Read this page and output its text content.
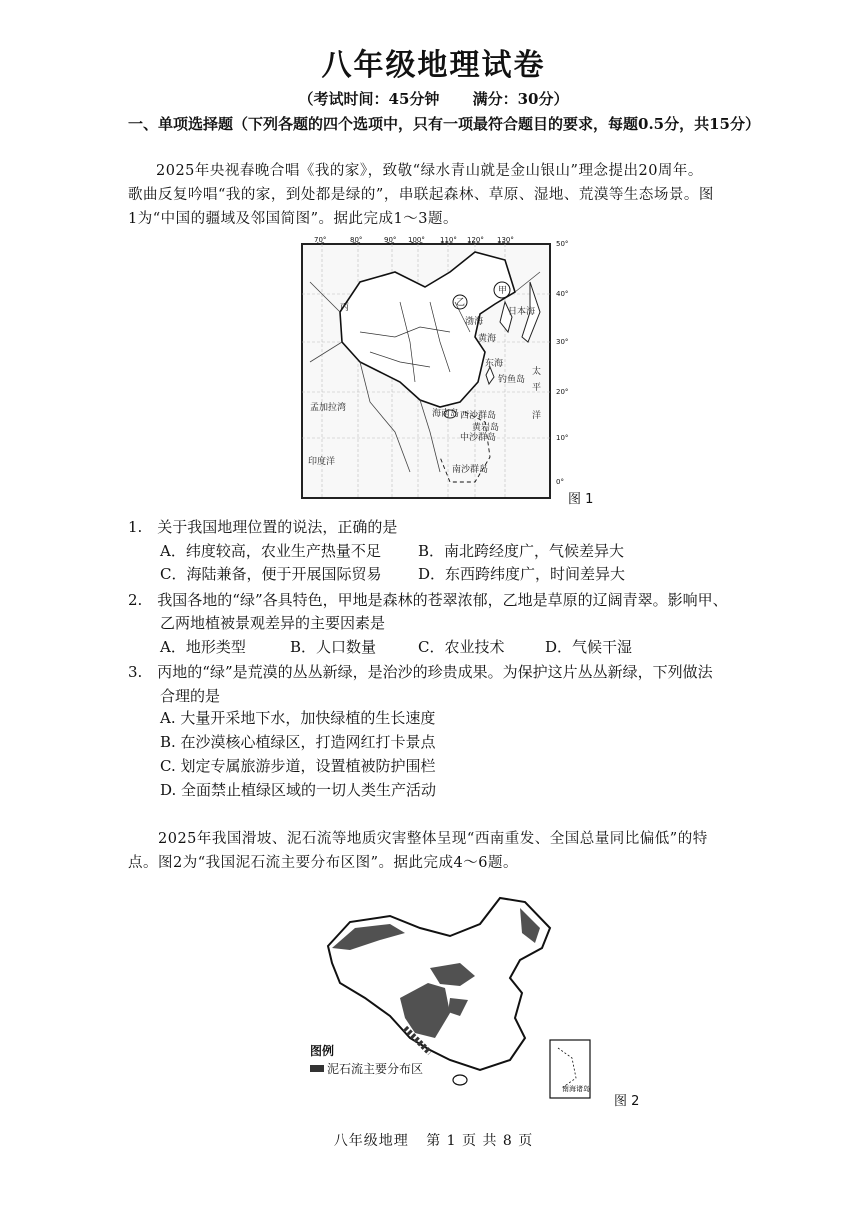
八年级地理试卷
（考试时间：45分钟 满分：30分）
一、单项选择题（下列各题的四个选项中，只有一项最符合题目的要求，每题0.5分，共15分）
2025年央视春晚合唱《我的家》，致敬“绿水青山就是金山银山”理念提出20周年。
歌曲反复吟唱“我的家，到处都是绿的”，串联起森林、草原、湿地、荒漠等生态场景。图
1为“中国的疆域及邻国简图”。据此完成1～3题。
丙
甲
乙
渤海
黄海
日本海
东海
太
平
洋
钓鱼岛
孟加拉湾
印度洋
海南岛 西沙群岛
黄岩岛
中沙群岛
南沙群岛
70°	80°	90° 100° 110° 120° 130°	50°
40°
30°
20°
10°
0°
图 1
1.　关于我国地理位置的说法，正确的是
A．纬度较高，农业生产热量不足 B．南北跨经度广，气候差异大
C．海陆兼备，便于开展国际贸易 D．东西跨纬度广，时间差异大
2.　我国各地的“绿”各具特色，甲地是森林的苍翠浓郁，乙地是草原的辽阔青翠。影响甲、
乙两地植被景观差异的主要因素是
A．地形类型	B．人口数量	C．农业技术	D．气候干湿
3.　丙地的“绿”是荒漠的丛丛新绿，是治沙的珍贵成果。为保护这片丛丛新绿，下列做法
合理的是
A. 大量开采地下水，加快绿植的生长速度
B. 在沙漠核心植绿区，打造网红打卡景点
C. 划定专属旅游步道，设置植被防护围栏
D. 全面禁止植绿区域的一切人类生产活动
2025年我国滑坡、泥石流等地质灾害整体呈现“西南重发、全国总量同比偏低”的特
点。图2为“我国泥石流主要分布区图”。据此完成4～6题。
南海诸岛
图例
泥石流主要分布区
图 2
八年级地理 第 1 页 共 8 页
